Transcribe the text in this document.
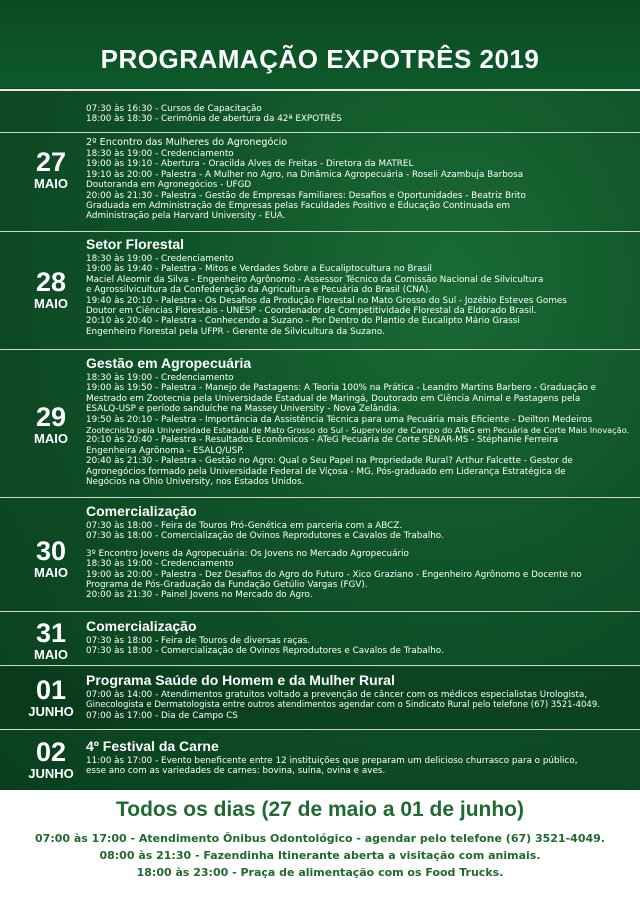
PROGRAMAÇÃO EXPOTRÊS 2019
07:30 às 16:30 - Cursos de Capacitação
18:00 às 18:30 - Cerimônia de abertura da 42ª EXPOTRÊS
27
MAIO
2º Encontro das Mulheres do Agronegócio
18:30 às 19:00 - Credenciamento
19:00 às 19:10 - Abertura - Oracilda Alves de Freitas - Diretora da MATREL
19:10 às 20:00 - Palestra - A Mulher no Agro, na Dinâmica Agropecuária - Roseli Azambuja Barbosa
Doutoranda em Agronegócios - UFGD
20:00 às 21:30 - Palestra - Gestão de Empresas Familiares: Desafios e Oportunidades - Beatriz Brito
Graduada em Administração de Empresas pelas Faculdades Positivo e Educação Continuada em
Administração pela Harvard University - EUA.
28
MAIO
Setor Florestal
18:30 às 19:00 - Credenciamento
19:00 às 19:40 - Palestra - Mitos e Verdades Sobre a Eucaliptocultura no Brasil
Maciel Aleomir da Silva - Engenheiro Agrônomo - Assessor Técnico da Comissão Nacional de Silvicultura
e Agrossilvicultura da Confederação da Agricultura e Pecuária do Brasil (CNA).
19:40 às 20:10 - Palestra - Os Desafios da Produção Florestal no Mato Grosso do Sul - Jozébio Esteves Gomes
Doutor em Ciências Florestais - UNESP - Coordenador de Competitividade Florestal da Eldorado Brasil.
20:10 às 20:40 - Palestra - Conhecendo a Suzano - Por Dentro do Plantio de Eucalipto Mário Grassi
Engenheiro Florestal pela UFPR - Gerente de Silvicultura da Suzano.
29
MAIO
Gestão em Agropecuária
18:30 às 19:00 - Credenciamento
19:00 às 19:50 - Palestra - Manejo de Pastagens: A Teoria 100% na Prática - Leandro Martins Barbero - Graduação e
Mestrado em Zootecnia pela Universidade Estadual de Maringá, Doutorado em Ciência Animal e Pastagens pela
ESALQ-USP e período sanduíche na Massey University - Nova Zelândia.
19:50 às 20:10 - Palestra - Importância da Assistência Técnica para uma Pecuária mais Eficiente - Deilton Medeiros
Zootecnista pela Universidade Estadual de Mato Grosso do Sul - Supervisor de Campo do ATeG em Pecuária de Corte Mais Inovação.
20:10 às 20:40 - Palestra - Resultados Econômicos - ATeG Pecuária de Corte SENAR-MS - Stéphanie Ferreira
Engenheira Agrônoma - ESALQ/USP.
20:40 às 21:30 - Palestra - Gestão no Agro: Qual o Seu Papel na Propriedade Rural? Arthur Falcette - Gestor de
Agronegócios formado pela Universidade Federal de Viçosa - MG, Pós-graduado em Liderança Estratégica de
Negócios na Ohio University, nos Estados Unidos.
30
MAIO
Comercialização
07:30 às 18:00 - Feira de Touros Pró-Genética em parceria com a ABCZ.
07:30 às 18:00 - Comercialização de Ovinos Reprodutores e Cavalos de Trabalho.
3º Encontro Jovens da Agropecuária: Os Jovens no Mercado Agropecuário
18:30 às 19:00 - Credenciamento
19:00 às 20:00 - Palestra - Dez Desafios do Agro do Futuro - Xico Graziano - Engenheiro Agrônomo e Docente no
Programa de Pós-Graduação da Fundação Getúlio Vargas (FGV).
20:00 às 21:30 - Painel Jovens no Mercado do Agro.
31
MAIO
Comercialização
07:30 às 18:00 - Feira de Touros de diversas raças.
07:30 às 18:00 - Comercialização de Ovinos Reprodutores e Cavalos de Trabalho.
01
JUNHO
Programa Saúde do Homem e da Mulher Rural
07:00 às 14:00 - Atendimentos gratuitos voltado a prevenção de câncer com os médicos especialistas Urologista,
Ginecologista e Dermatologista entre outros atendimentos agendar com o Sindicato Rural pelo telefone (67) 3521-4049.
07:00 às 17:00 - Dia de Campo CS
02
JUNHO
4º Festival da Carne
11:00 às 17:00 - Evento beneficente entre 12 instituições que preparam um delicioso churrasco para o público,
esse ano com as variedades de carnes: bovina, suína, ovina e aves.
Todos os dias (27 de maio a 01 de junho)
07:00 às 17:00 - Atendimento Ônibus Odontológico - agendar pelo telefone (67) 3521-4049.
08:00 às 21:30 - Fazendinha Itinerante aberta a visitação com animais.
18:00 às 23:00 - Praça de alimentação com os Food Trucks.
